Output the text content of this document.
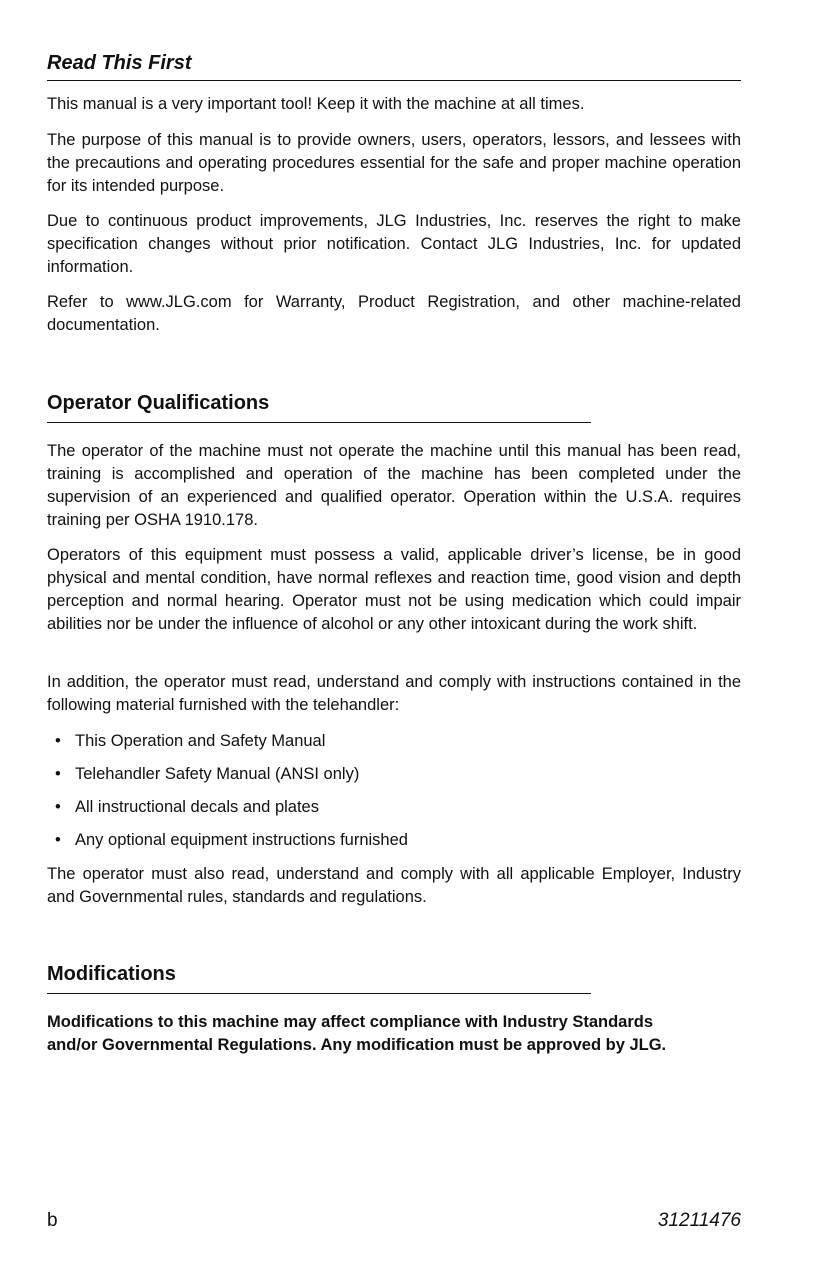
Read This First

This manual is a very important tool! Keep it with the machine at all times.

The purpose of this manual is to provide owners, users, operators, lessors, and lessees with the precautions and operating procedures essential for the safe and proper machine operation for its intended purpose.

Due to continuous product improvements, JLG Industries, Inc. reserves the right to make specification changes without prior notification. Contact JLG Industries, Inc. for updated information.

Refer to www.JLG.com for Warranty, Product Registration, and other machine-related documentation.

Operator Qualifications

The operator of the machine must not operate the machine until this manual has been read, training is accomplished and operation of the machine has been completed under the supervision of an experienced and qualified operator. Operation within the U.S.A. requires training per OSHA 1910.178.

Operators of this equipment must possess a valid, applicable driver’s license, be in good physical and mental condition, have normal reflexes and reaction time, good vision and depth perception and normal hearing. Operator must not be using medication which could impair abilities nor be under the influence of alcohol or any other intoxicant during the work shift.

In addition, the operator must read, understand and comply with instructions contained in the following material furnished with the telehandler:

• This Operation and Safety Manual
• Telehandler Safety Manual (ANSI only)
• All instructional decals and plates
• Any optional equipment instructions furnished

The operator must also read, understand and comply with all applicable Employer, Industry and Governmental rules, standards and regulations.

Modifications

Modifications to this machine may affect compliance with Industry Standards and/or Governmental Regulations. Any modification must be approved by JLG.

b	31211476
